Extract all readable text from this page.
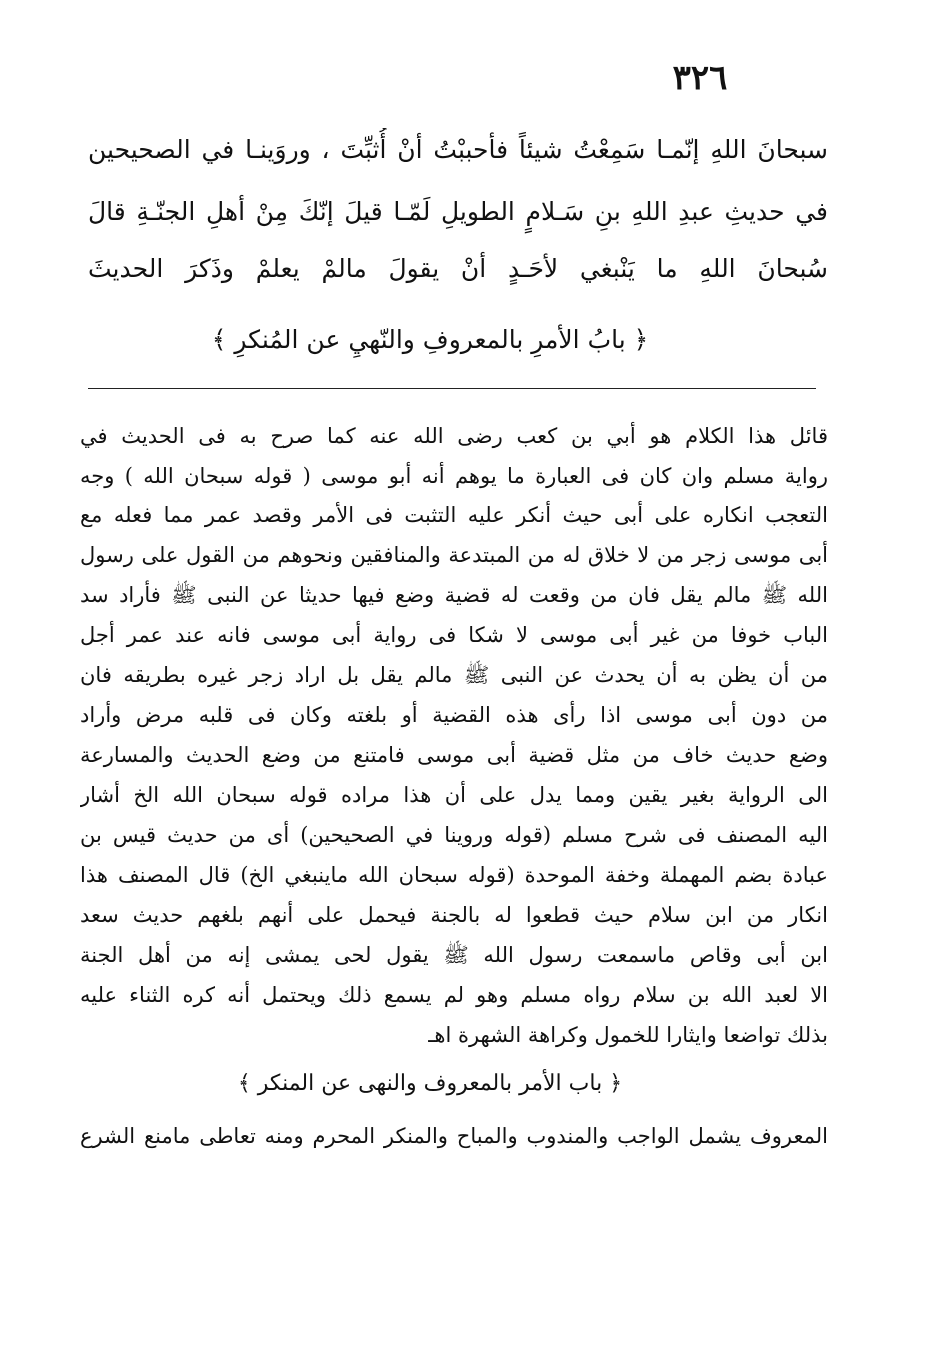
٣٢٦
سبحانَ اللهِ إنّمـا سَمِعْتُ شيئاً فأحببْتُ أنْ أُثبِّتَ ، وروَينـا في الصحيحين
في حديثِ عبدِ اللهِ بنِ سَـلامٍ الطويلِ لَمّـا قيلَ إنّكَ مِنْ أهلِ الجنّـةِ قالَ
سُبحانَ اللهِ ما يَنْبغي لأحَـدٍ أنْ يقولَ مالمْ يعلمْ وذَكرَ الحديثَ
﴿ بابُ الأمرِ بالمعروفِ والنّهيِ عن المُنكرِ ﴾
قائل هذا الكلام هو أبي بن كعب رضى الله عنه كما صرح به فى الحديث في
رواية مسلم وان كان فى العبارة ما يوهم أنه أبو موسى ( قوله سبحان الله ) وجه
التعجب انكاره على أبى حيث أنكر عليه التثبت فى الأمر وقصد عمر مما فعله مع
أبى موسى زجر من لا خلاق له من المبتدعة والمنافقين ونحوهم من القول على رسول
الله ﷺ مالم يقل فان من وقعت له قضية وضع فيها حديثا عن النبى ﷺ فأراد سد
الباب خوفا من غير أبى موسى لا شكا فى رواية أبى موسى فانه عند عمر أجل
من أن يظن به أن يحدث عن النبى ﷺ مالم يقل بل اراد زجر غيره بطريقه فان
من دون أبى موسى اذا رأى هذه القضية أو بلغته وكان فى قلبه مرض وأراد
وضع حديث خاف من مثل قضية أبى موسى فامتنع من وضع الحديث والمسارعة
الى الرواية بغير يقين ومما يدل على أن هذا مراده قوله سبحان الله الخ أشار
اليه المصنف فى شرح مسلم (قوله وروينا في الصحيحين) أى من حديث قيس بن
عبادة بضم المهملة وخفة الموحدة (قوله سبحان الله ماينبغي الخ) قال المصنف هذا
انكار من ابن سلام حيث قطعوا له بالجنة فيحمل على أنهم بلغهم حديث سعد
ابن أبى وقاص ماسمعت رسول الله ﷺ يقول لحى يمشى إنه من أهل الجنة
الا لعبد الله بن سلام رواه مسلم وهو لم يسمع ذلك ويحتمل أنه كره الثناء عليه
بذلك تواضعا وايثارا للخمول وكراهة الشهرة اهـ
﴿ باب الأمر بالمعروف والنهى عن المنكر ﴾
المعروف يشمل الواجب والمندوب والمباح والمنكر المحرم ومنه تعاطى مامنع الشرع
